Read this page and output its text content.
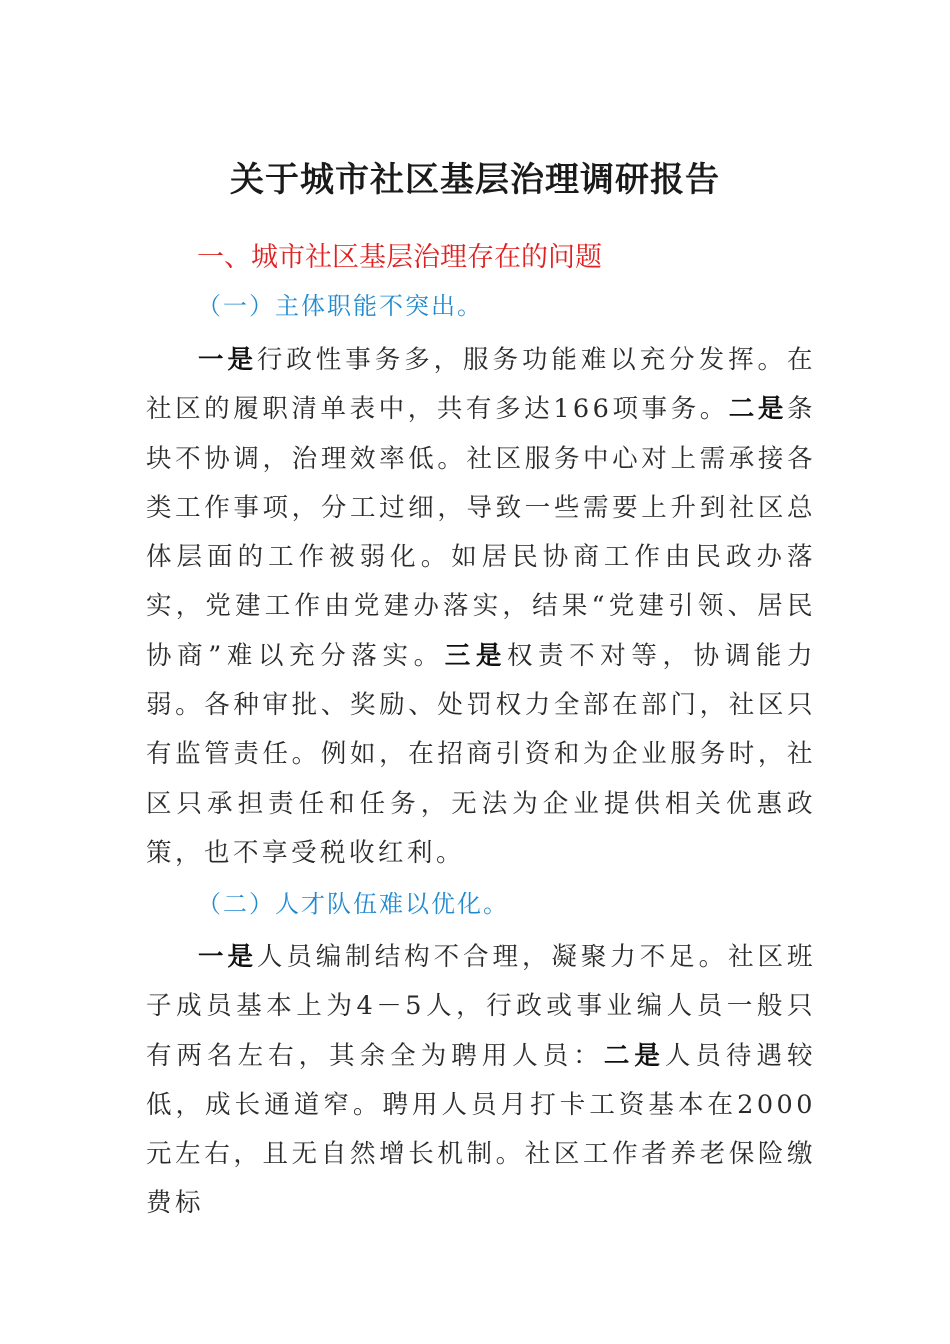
关于城市社区基层治理调研报告
一、城市社区基层治理存在的问题
（一）主体职能不突出。
一是行政性事务多，服务功能难以充分发挥。在社区的履职清单表中，共有多达166项事务。二是条块不协调，治理效率低。社区服务中心对上需承接各类工作事项，分工过细，导致一些需要上升到社区总体层面的工作被弱化。如居民协商工作由民政办落实，党建工作由党建办落实，结果“党建引领、居民协商”难以充分落实。三是权责不对等，协调能力弱。各种审批、奖励、处罚权力全部在部门，社区只有监管责任。例如，在招商引资和为企业服务时，社区只承担责任和任务，无法为企业提供相关优惠政策，也不享受税收红利。
（二）人才队伍难以优化。
一是人员编制结构不合理，凝聚力不足。社区班子成员基本上为4－5人，行政或事业编人员一般只有两名左右，其余全为聘用人员：二是人员待遇较低，成长通道窄。聘用人员月打卡工资基本在2000元左右，且无自然增长机制。社区工作者养老保险缴费标
